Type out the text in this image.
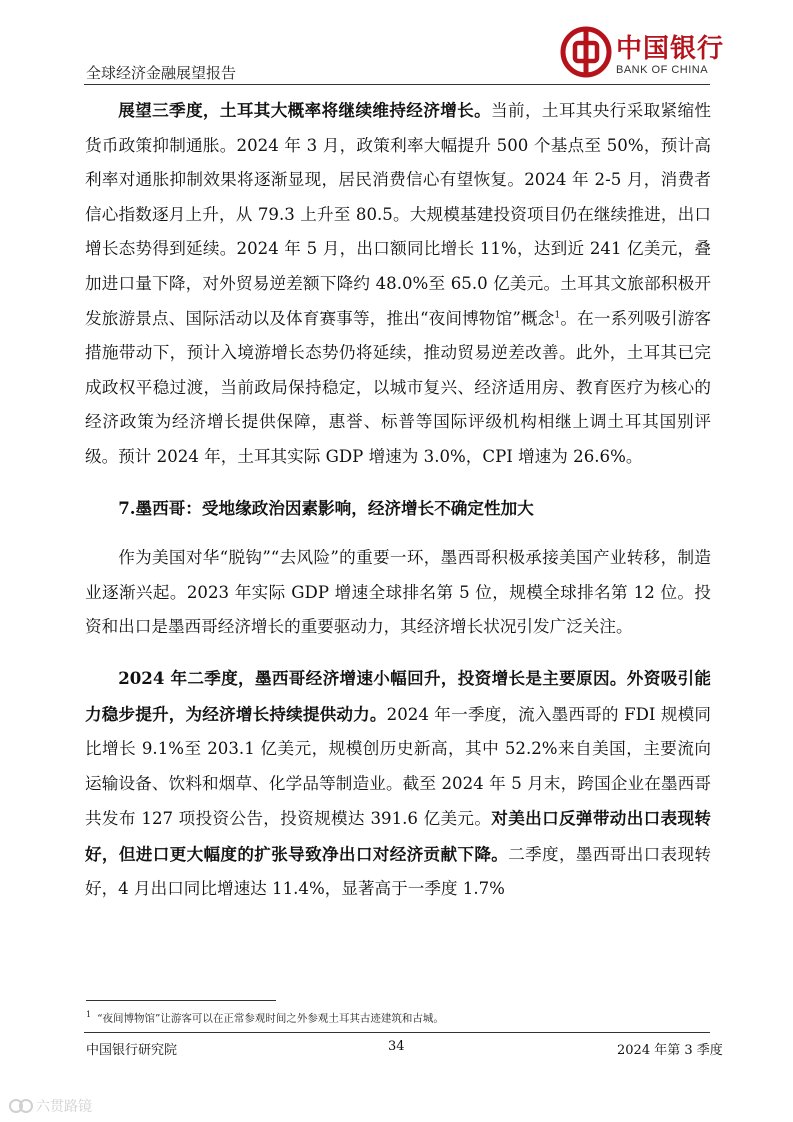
全球经济金融展望报告
中国银行
BANK OF CHINA

展望三季度，土耳其大概率将继续维持经济增长。当前，土耳其央行采取紧缩性货币政策抑制通胀。2024 年 3 月，政策利率大幅提升 500 个基点至 50%，预计高利率对通胀抑制效果将逐渐显现，居民消费信心有望恢复。2024 年 2-5 月，消费者信心指数逐月上升，从 79.3 上升至 80.5。大规模基建投资项目仍在继续推进，出口增长态势得到延续。2024 年 5 月，出口额同比增长 11%，达到近 241 亿美元，叠加进口量下降，对外贸易逆差额下降约 48.0%至 65.0 亿美元。土耳其文旅部积极开发旅游景点、国际活动以及体育赛事等，推出“夜间博物馆”概念$^1$。在一系列吸引游客措施带动下，预计入境游增长态势仍将延续，推动贸易逆差改善。此外，土耳其已完成政权平稳过渡，当前政局保持稳定，以城市复兴、经济适用房、教育医疗为核心的经济政策为经济增长提供保障，惠誉、标普等国际评级机构相继上调土耳其国别评级。预计 2024 年，土耳其实际 GDP 增速为 3.0%，CPI 增速为 26.6%。

7.墨西哥：受地缘政治因素影响，经济增长不确定性加大

作为美国对华“脱钩”“去风险”的重要一环，墨西哥积极承接美国产业转移，制造业逐渐兴起。2023 年实际 GDP 增速全球排名第 5 位，规模全球排名第 12 位。投资和出口是墨西哥经济增长的重要驱动力，其经济增长状况引发广泛关注。

2024 年二季度，墨西哥经济增速小幅回升，投资增长是主要原因。外资吸引能力稳步提升，为经济增长持续提供动力。2024 年一季度，流入墨西哥的 FDI 规模同比增长 9.1%至 203.1 亿美元，规模创历史新高，其中 52.2%来自美国，主要流向运输设备、饮料和烟草、化学品等制造业。截至 2024 年 5 月末，跨国企业在墨西哥共发布 127 项投资公告，投资规模达 391.6 亿美元。对美出口反弹带动出口表现转好，但进口更大幅度的扩张导致净出口对经济贡献下降。二季度，墨西哥出口表现转好，4 月出口同比增速达 11.4%，显著高于一季度 1.7%

$^1$ “夜间博物馆”让游客可以在正常参观时间之外参观土耳其古迹建筑和古城。
中国银行研究院	34	2024 年第 3 季度
六贯路镜
